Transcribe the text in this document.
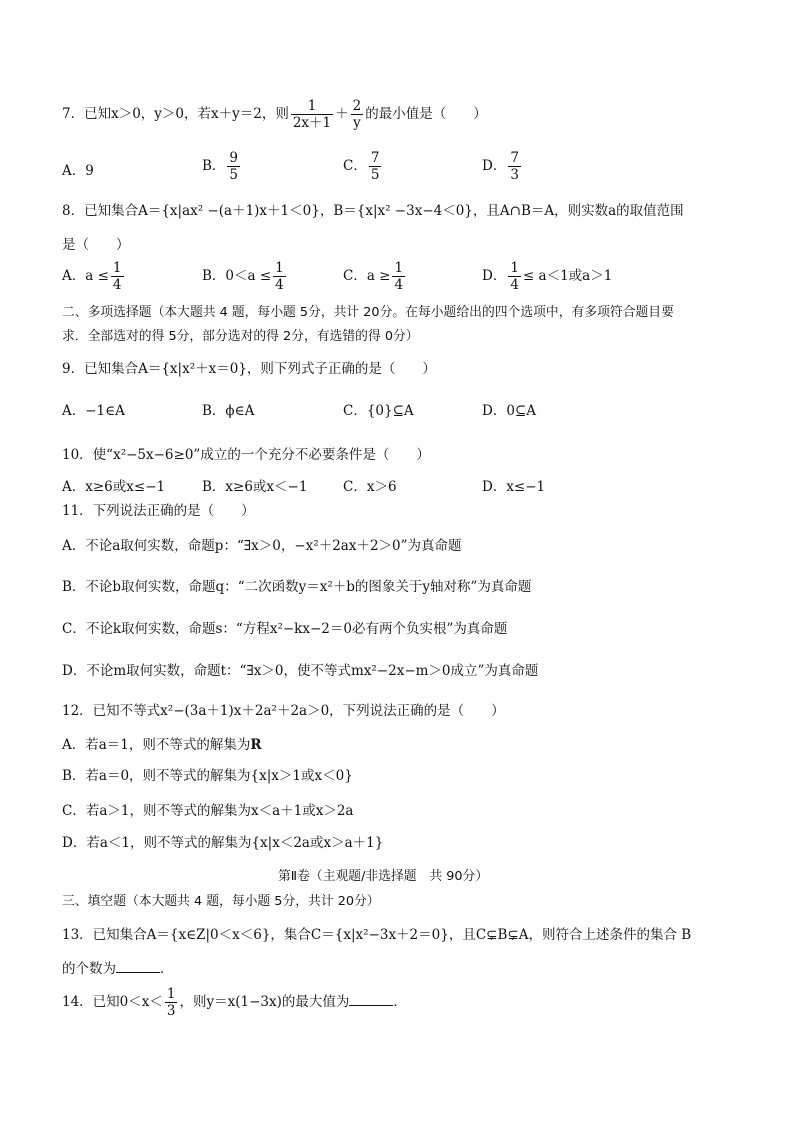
7．已知x＞0，y＞0，若x＋y＝2，则 $\frac{1}{2x+1} + \frac{2}{y}$ 的最小值是（　　）
A．9	B． $\frac{9}{5}$	C． $\frac{7}{5}$	D． $\frac{7}{3}$
8．已知集合A＝{x|ax² −(a＋1)x＋1＜0}，B＝{x|x² −3x−4＜0}，且A∩B＝A，则实数a的取值范围
是（　　）
A．$a \le \frac{1}{4}$	B．$0<a \le \frac{1}{4}$	C．$a \ge \frac{1}{4}$	D． $\frac{1}{4} \le a<1$或a＞1
二、多项选择题（本大题共 4 题，每小题 5分，共计 20分。在每小题给出的四个选项中，有多项符合题目要
求．全部选对的得 5分，部分选对的得 2分，有选错的得 0分）
9．已知集合A＝{x|x²＋x＝0}，则下列式子正确的是（　　）
A．−1∈A	B．ϕ∈A	C．{0}⊆A	D．0⊆A
10．使“x²−5x−6≥0”成立的一个充分不必要条件是（　　）
A．x≥6或x≤−1	B．x≥6或x＜−1	C．x＞6	D．x≤−1
11．下列说法正确的是（　　）
A．不论a取何实数，命题p：“∃x＞0，−x²＋2ax＋2＞0”为真命题
B．不论b取何实数，命题q：“二次函数y＝x²＋b的图象关于y轴对称”为真命题
C．不论k取何实数，命题s：“方程x²−kx−2＝0必有两个负实根”为真命题
D．不论m取何实数，命题t：“∃x＞0，使不等式mx²−2x−m＞0成立”为真命题
12．已知不等式x²−(3a＋1)x＋2a²＋2a＞0，下列说法正确的是（　　）
A．若a＝1，则不等式的解集为R
B．若a＝0，则不等式的解集为{x|x＞1或x＜0}
C．若a＞1，则不等式的解集为x＜a＋1或x＞2a
D．若a＜1，则不等式的解集为{x|x＜2a或x＞a＋1}
第Ⅱ卷（主观题/非选择题　共 90分）
三、填空题（本大题共 4 题，每小题 5分，共计 20分）
13．已知集合A＝{x∈Z|0＜x＜6}，集合C＝{x|x²−3x＋2＝0}，且C⊊B⊊A，则符合上述条件的集合 B
的个数为	．
14．已知$0<x< \frac{1}{3}$ ，则y＝x(1−3x)的最大值为	．
